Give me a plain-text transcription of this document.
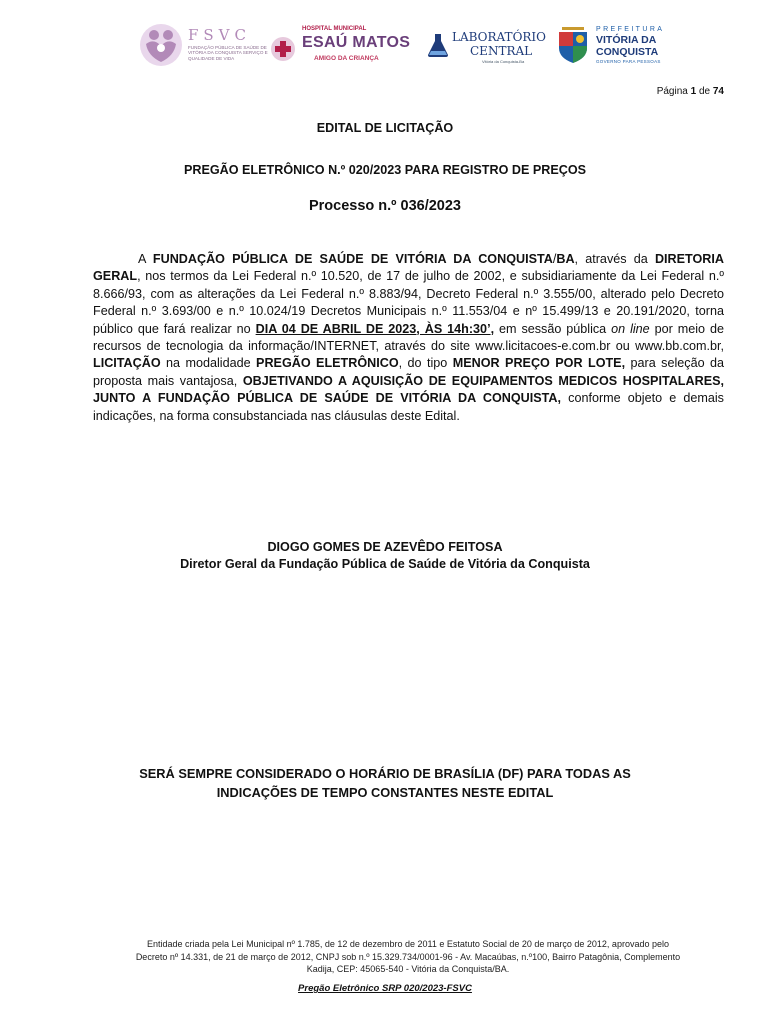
FSVC
FUNDAÇÃO PÚBLICA DE SAÚDE DE VITÓRIA DA CONQUISTA SERVIÇO E QUALIDADE DE VIDA
HOSPITAL MUNICIPAL
ESAÚ MATOS
AMIGO DA CRIANÇA
LABORATÓRIO
CENTRAL
Vitória da Conquista-Ba
PREFEITURA
VITÓRIA DA
CONQUISTA
GOVERNO PARA PESSOAS
Página 1 de 74
EDITAL DE LICITAÇÃO
PREGÃO ELETRÔNICO N.º 020/2023 PARA REGISTRO DE PREÇOS
Processo n.º 036/2023
A FUNDAÇÃO PÚBLICA DE SAÚDE DE VITÓRIA DA CONQUISTA/BA, através da DIRETORIA GERAL, nos termos da Lei Federal n.º 10.520, de 17 de julho de 2002, e subsidiariamente da Lei Federal n.º 8.666/93, com as alterações da Lei Federal n.º 8.883/94, Decreto Federal n.º 3.555/00, alterado pelo Decreto Federal n.º 3.693/00 e n.º 10.024/19 Decretos Municipais n.º 11.553/04 e nº 15.499/13 e 20.191/2020, torna público que fará realizar no DIA 04 DE ABRIL DE 2023, ÀS 14h:30’, em sessão pública on line por meio de recursos de tecnologia da informação/INTERNET, através do site www.licitacoes-e.com.br ou www.bb.com.br, LICITAÇÃO na modalidade PREGÃO ELETRÔNICO, do tipo MENOR PREÇO POR LOTE, para seleção da proposta mais vantajosa, OBJETIVANDO A AQUISIÇÃO DE EQUIPAMENTOS MEDICOS HOSPITALARES, JUNTO A FUNDAÇÃO PÚBLICA DE SAÚDE DE VITÓRIA DA CONQUISTA, conforme objeto e demais indicações, na forma consubstanciada nas cláusulas deste Edital.
DIOGO GOMES DE AZEVÊDO FEITOSA
Diretor Geral da Fundação Pública de Saúde de Vitória da Conquista
SERÁ SEMPRE CONSIDERADO O HORÁRIO DE BRASÍLIA (DF) PARA TODAS AS
INDICAÇÕES DE TEMPO CONSTANTES NESTE EDITAL
Entidade criada pela Lei Municipal nº 1.785, de 12 de dezembro de 2011 e Estatuto Social de 20 de março de 2012, aprovado pelo
Decreto nº 14.331, de 21 de março de 2012, CNPJ sob n.º 15.329.734/0001-96 - Av. Macaúbas, n.º100, Bairro Patagônia, Complemento
Kadija, CEP: 45065-540 - Vitória da Conquista/BA.
Pregão Eletrônico SRP 020/2023-FSVC
